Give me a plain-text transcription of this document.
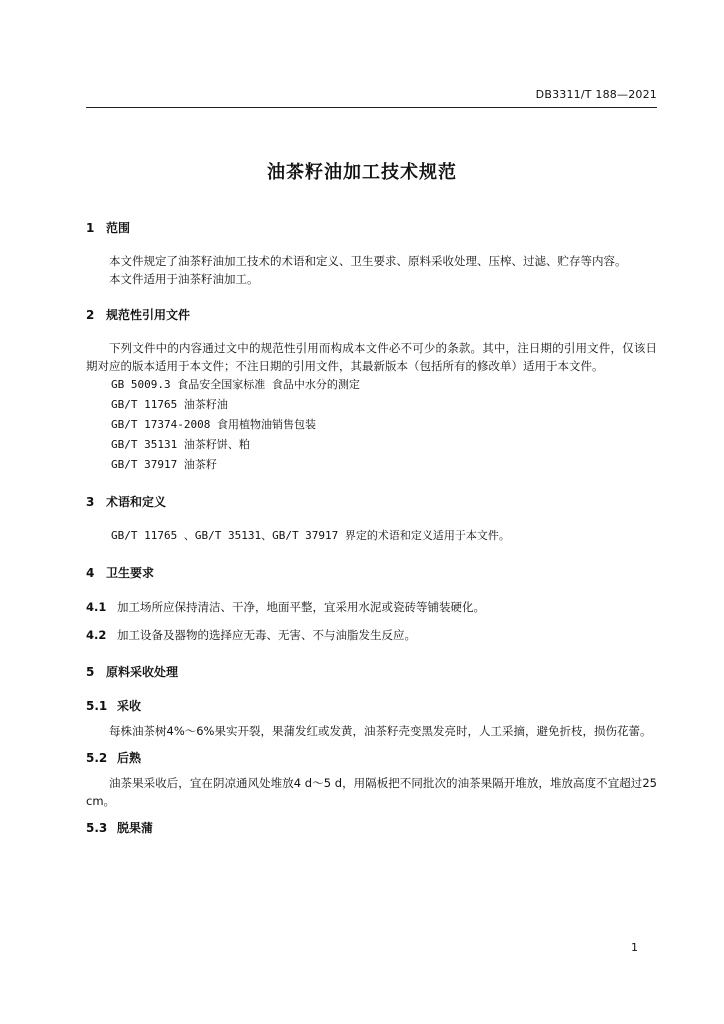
DB3311/T 188—2021
油茶籽油加工技术规范
1 范围

本文件规定了油茶籽油加工技术的术语和定义、卫生要求、原料采收处理、压榨、过滤、贮存等内容。

本文件适用于油茶籽油加工。

2 规范性引用文件

下列文件中的内容通过文中的规范性引用而构成本文件必不可少的条款。其中，注日期的引用文件，仅该日期对应的版本适用于本文件；不注日期的引用文件，其最新版本（包括所有的修改单）适用于本文件。

GB 5009.3 食品安全国家标准 食品中水分的测定
GB/T 11765 油茶籽油
GB/T 17374-2008 食用植物油销售包装
GB/T 35131 油茶籽饼、粕
GB/T 37917 油茶籽
3 术语和定义
GB/T 11765 、GB/T 35131、GB/T 37917 界定的术语和定义适用于本文件。
4 卫生要求
4.1 加工场所应保持清洁、干净，地面平整，宜采用水泥或瓷砖等铺装硬化。
4.2 加工设备及器物的选择应无毒、无害、不与油脂发生反应。
5 原料采收处理
5.1 采收

每株油茶树4%～6%果实开裂，果蒲发红或发黄，油茶籽壳变黑发亮时，人工采摘，避免折枝，损伤花蕾。

5.2 后熟

油茶果采收后，宜在阴凉通风处堆放4 d～5 d，用隔板把不同批次的油茶果隔开堆放，堆放高度不宜超过25 cm。

5.3 脱果蒲
1
